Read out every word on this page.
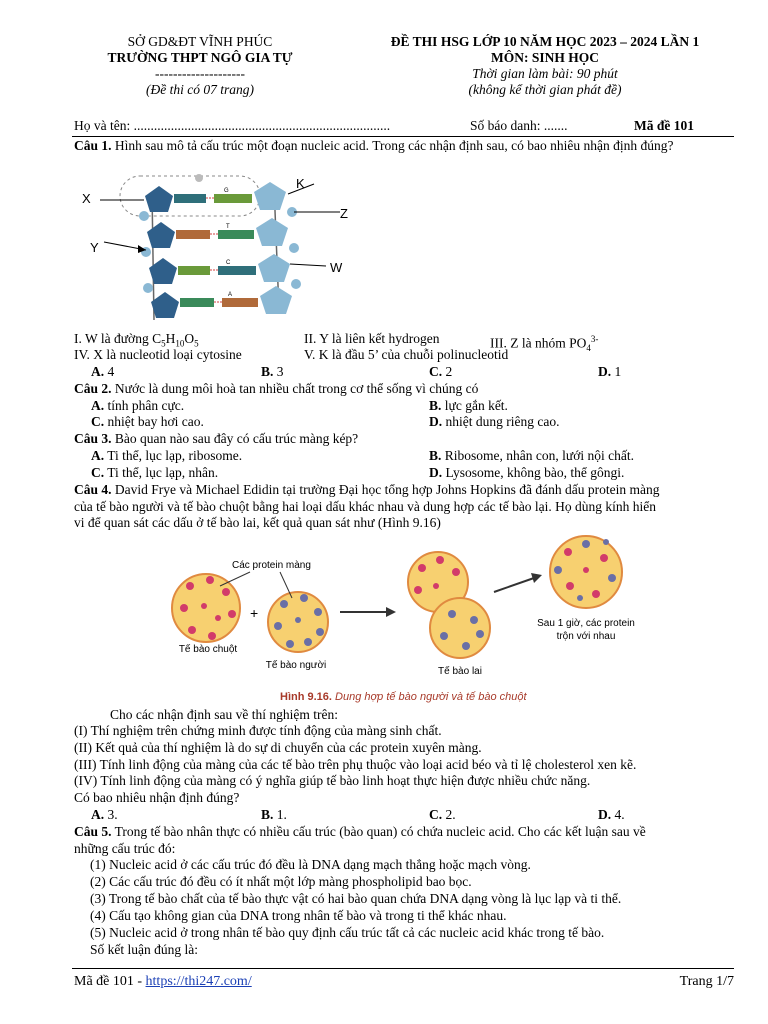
SỞ GD&ĐT VĨNH PHÚC
TRƯỜNG THPT NGÔ GIA TỰ
--------------------
(Đề thi có 07 trang)
ĐỀ THI HSG LỚP 10 NĂM HỌC 2023 – 2024 LẦN 1
MÔN: SINH HỌC
Thời gian làm bài: 90 phút
(không kể thời gian phát đề)
Họ và tên: ............................................................................	Số báo danh: .......	Mã đề 101
Câu 1. Hình sau mô tả cấu trúc một đoạn nucleic acid. Trong các nhận định sau, có bao nhiêu nhận định đúng?
G
T
C
A
X
Y
K
Z
W
I. W là đường $C_5H_{10}O_5$	II. Y là liên kết hydrogen	III. Z là nhóm $PO_4^{3-}$
IV. X là nucleotid loại cytosine	V. K là đầu 5’ của chuỗi polinucleotid
A. 4	B. 3	C. 2	D. 1
Câu 2. Nước là dung môi hoà tan nhiều chất trong cơ thể sống vì chúng có
A. tính phân cực.	B. lực gắn kết.
C. nhiệt bay hơi cao.	D. nhiệt dung riêng cao.
Câu 3. Bào quan nào sau đây có cấu trúc màng kép?
A. Ti thể, lục lạp, ribosome.	B. Ribosome, nhân con, lưới nội chất.
C. Ti thể, lục lạp, nhân.	D. Lysosome, không bào, thể gôngi.
Câu 4. David Frye và Michael Edidin tại trường Đại học tổng hợp Johns Hopkins đã đánh dấu protein màng
của tế bào người và tế bào chuột bằng hai loại dấu khác nhau và dung hợp các tế bào lại. Họ dùng kính hiển
vi để quan sát các dấu ở tế bào lai, kết quả quan sát như (Hình 9.16)
Tế bào chuột
+
Tế bào người
Các protein màng
Tế bào lai
Sau 1 giờ, các protein
trộn với nhau
Hình 9.16. Dung hợp tế bào người và tế bào chuột
Cho các nhận định sau về thí nghiệm trên:
(I) Thí nghiệm trên chứng minh được tính động của màng sinh chất.
(II) Kết quả của thí nghiệm là do sự di chuyển của các protein xuyên màng.
(III) Tính linh động của màng của các tế bào trên phụ thuộc vào loại acid béo và tỉ lệ cholesterol xen kẽ.
(IV) Tính linh động của màng có ý nghĩa giúp tế bào linh hoạt thực hiện được nhiều chức năng.
Có bao nhiêu nhận định đúng?
A. 3.	B. 1.	C. 2.	D. 4.
Câu 5. Trong tế bào nhân thực có nhiều cấu trúc (bào quan) có chứa nucleic acid. Cho các kết luận sau về
những cấu trúc đó:
(1) Nucleic acid ở các cấu trúc đó đều là DNA dạng mạch thẳng hoặc mạch vòng.
(2) Các cấu trúc đó đều có ít nhất một lớp màng phospholipid bao bọc.
(3) Trong tế bào chất của tế bào thực vật có hai bào quan chứa DNA dạng vòng là lục lạp và ti thể.
(4) Cấu tạo không gian của DNA trong nhân tế bào và trong ti thể khác nhau.
(5) Nucleic acid ở trong nhân tế bào quy định cấu trúc tất cả các nucleic acid khác trong tế bào.
Số kết luận đúng là:
Mã đề 101 - https://thi247.com/	Trang 1/7
